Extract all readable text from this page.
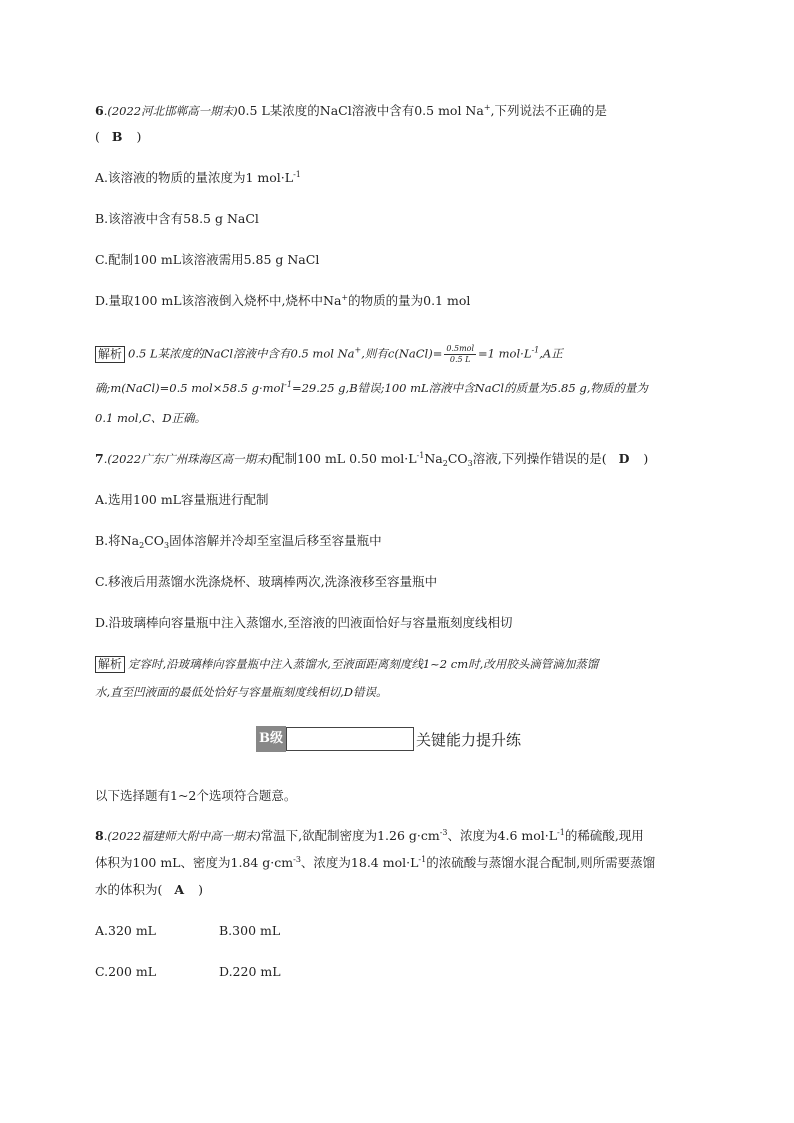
6.(2022河北邯郸高一期末)0.5 L某浓度的NaCl溶液中含有0.5 mol Na+,下列说法不正确的是
( B )
A.该溶液的物质的量浓度为1 $mol\cdot L^{-1}$
B.该溶液中含有58.5 g NaCl
C.配制100 mL该溶液需用5.85 g NaCl
D.量取100 mL该溶液倒入烧杯中,烧杯中Na+的物质的量为0.1 mol
解析 0.5 L某浓度的NaCl溶液中含有0.5 mol Na+,则有c(NaCl)= $\frac{\text{0.5mol}}{0.5 L} =1$ $mol\cdot L^{-1},A$正
确;m(NaCl)=0.5 mol×58.5 g·mol$^{-1}$=29.25 g,B错误;100 mL溶液中含NaCl的质量为5.85 g,物质的量为
0.1 mol,C、D正确。
7.(2022广东广州珠海区高一期末)配制100 mL 0.50 $mol\cdot L^{-1}Na_2CO_3$溶液,下列操作错误的是( D )
A.选用100 mL容量瓶进行配制
B.将$Na_2CO_3$固体溶解并冷却至室温后移至容量瓶中
C.移液后用蒸馏水洗涤烧杯、玻璃棒两次,洗涤液移至容量瓶中
D.沿玻璃棒向容量瓶中注入蒸馏水,至溶液的凹液面恰好与容量瓶刻度线相切
解析 定容时,沿玻璃棒向容量瓶中注入蒸馏水,至液面距离刻度线1~2 cm时,改用胶头滴管滴加蒸馏
水,直至凹液面的最低处恰好与容量瓶刻度线相切,D错误。
B级	关键能力提升练
以下选择题有1~2个选项符合题意。
8.(2022福建师大附中高一期末)常温下,欲配制密度为1.26 $g\cdot cm^{-3}$、浓度为4.6 $mol\cdot L^{-1}$的稀硫酸,现用
体积为100 mL、密度为1.84 $g\cdot cm^{-3}$、浓度为18.4 $mol\cdot L^{-1}$的浓硫酸与蒸馏水混合配制,则所需要蒸馏
水的体积为( A )
A.320 mL	B.300 mL
C.200 mL	D.220 mL
